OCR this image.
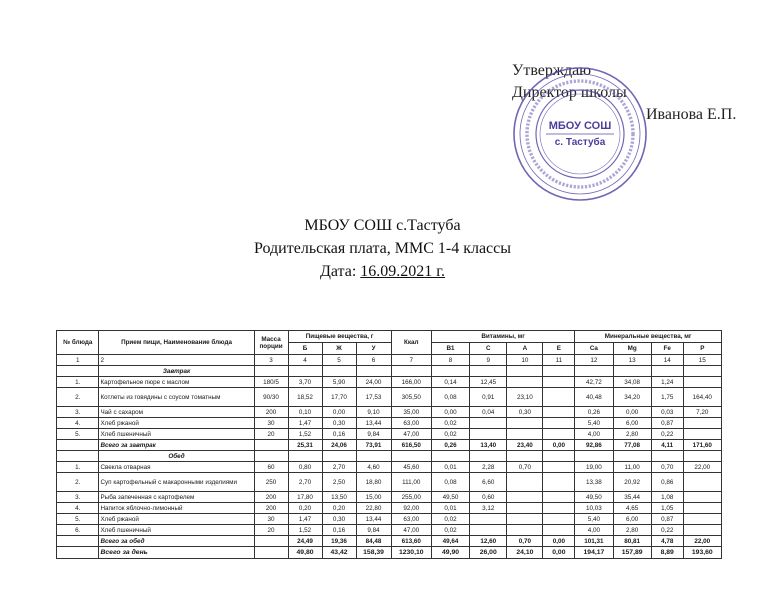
Утверждаю
Директор школы
Иванова Е.П.
МБОУ СОШ
с. Тастуба
МБОУ СОШ с.Тастуба
Родительская плата, ММС 1-4 классы
Дата: 16.09.2021 г.
№ блюда	Прием пищи, Наименование блюда	Масса порции	Пищевые вещества, г			Ккал	Витамины, мг				Минеральные вещества, мг			
			Б	Ж	У		В1	С	А	Е	Ca	Mg	Fe	P
1	2	3	4	5	6	7	8	9	10	11	12	13	14	15
	Завтрак													
1.	Картофельное пюре с маслом	180/5	3,70	5,90	24,00	166,00	0,14	12,45			42,72	34,08	1,24	
2.	Котлеты из говядины с соусом томатным	90/30	18,52	17,70	17,53	305,50	0,08	0,91	23,10		40,48	34,20	1,75	164,40
3.	Чай с сахаром	200	0,10	0,00	9,10	35,00	0,00	0,04	0,30		0,26	0,00	0,03	7,20
4.	Хлеб ржаной	30	1,47	0,30	13,44	63,00	0,02				5,40	6,00	0,87	
5.	Хлеб пшеничный	20	1,52	0,16	9,84	47,00	0,02				4,00	2,80	0,22	
	Всего за завтрак		25,31	24,06	73,91	616,50	0,26	13,40	23,40	0,00	92,86	77,08	4,11	171,60
	Обед													
1.	Свекла отварная	60	0,80	2,70	4,60	45,60	0,01	2,28	0,70		19,00	11,00	0,70	22,00
2.	Суп картофельный с макаронными изделиями	250	2,70	2,50	18,80	111,00	0,08	6,60			13,38	20,92	0,86	
3.	Рыба запеченная с картофелем	200	17,80	13,50	15,00	255,00	49,50	0,60			49,50	35,44	1,08	
4.	Напиток яблочно-лимонный	200	0,20	0,20	22,80	92,00	0,01	3,12			10,03	4,65	1,05	
5.	Хлеб ржаной	30	1,47	0,30	13,44	63,00	0,02				5,40	6,00	0,87	
6.	Хлеб пшеничный	20	1,52	0,16	9,84	47,00	0,02				4,00	2,80	0,22	
	Всего за обед		24,49	19,36	84,48	613,60	49,64	12,60	0,70	0,00	101,31	80,81	4,78	22,00
	Всего за день		49,80	43,42	158,39	1230,10	49,90	26,00	24,10	0,00	194,17	157,89	8,89	193,60
